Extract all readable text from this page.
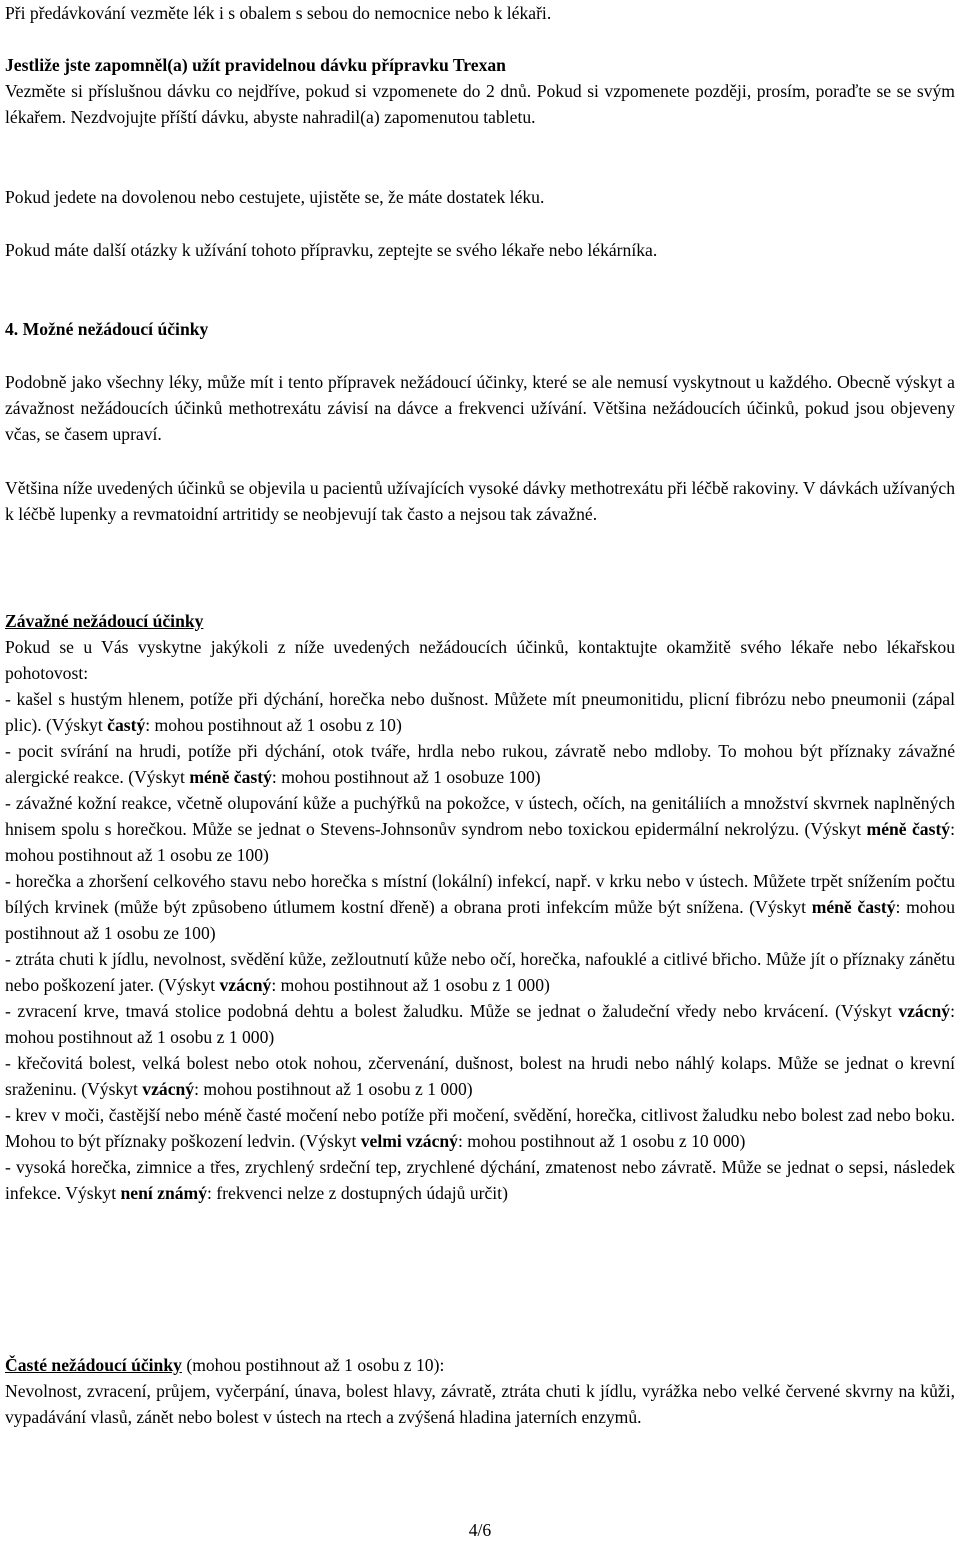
Při předávkování vezměte lék i s obalem s sebou do nemocnice nebo k lékaři.

Jestliže jste zapomněl(a) užít pravidelnou dávku přípravku Trexan

Vezměte si příslušnou dávku co nejdříve, pokud si vzpomenete do 2 dnů. Pokud si vzpomenete později, prosím, poraďte se se svým lékařem. Nezdvojujte příští dávku, abyste nahradil(a) zapomenutou tabletu.

Pokud jedete na dovolenou nebo cestujete, ujistěte se, že máte dostatek léku.

Pokud máte další otázky k užívání tohoto přípravku, zeptejte se svého lékaře nebo lékárníka.

4. Možné nežádoucí účinky

Podobně jako všechny léky, může mít i tento přípravek nežádoucí účinky, které se ale nemusí vyskytnout u každého. Obecně výskyt a závažnost nežádoucích účinků methotrexátu závisí na dávce a frekvenci užívání. Většina nežádoucích účinků, pokud jsou objeveny včas, se časem upraví.

Většina níže uvedených účinků se objevila u pacientů užívajících vysoké dávky methotrexátu při léčbě rakoviny. V dávkách užívaných k léčbě lupenky a revmatoidní artritidy se neobjevují tak často a nejsou tak závažné.

Závažné nežádoucí účinky

Pokud se u Vás vyskytne jakýkoli z níže uvedených nežádoucích účinků, kontaktujte okamžitě svého lékaře nebo lékařskou pohotovost:

- kašel s hustým hlenem, potíže při dýchání, horečka nebo dušnost. Můžete mít pneumonitidu, plicní fibrózu nebo pneumonii (zápal plic). (Výskyt častý: mohou postihnout až 1 osobu z 10)

- pocit svírání na hrudi, potíže při dýchání, otok tváře, hrdla nebo rukou, závratě nebo mdloby. To mohou být příznaky závažné alergické reakce. (Výskyt méně častý: mohou postihnout až 1 osobuze 100)

- závažné kožní reakce, včetně olupování kůže a puchýřků na pokožce, v ústech, očích, na genitáliích a množství skvrnek naplněných hnisem spolu s horečkou. Může se jednat o Stevens-Johnsonův syndrom nebo toxickou epidermální nekrolýzu. (Výskyt méně častý: mohou postihnout až 1 osobu ze 100)

- horečka a zhoršení celkového stavu nebo horečka s místní (lokální) infekcí, např. v krku nebo v ústech. Můžete trpět snížením počtu bílých krvinek (může být způsobeno útlumem kostní dřeně) a obrana proti infekcím může být snížena. (Výskyt méně častý: mohou postihnout až 1 osobu ze 100)

- ztráta chuti k jídlu, nevolnost, svědění kůže, zežloutnutí kůže nebo očí, horečka, nafouklé a citlivé břicho. Může jít o příznaky zánětu nebo poškození jater. (Výskyt vzácný: mohou postihnout až 1 osobu z 1 000)

- zvracení krve, tmavá stolice podobná dehtu a bolest žaludku. Může se jednat o žaludeční vředy nebo krvácení. (Výskyt vzácný: mohou postihnout až 1 osobu z 1 000)

- křečovitá bolest, velká bolest nebo otok nohou, zčervenání, dušnost, bolest na hrudi nebo náhlý kolaps. Může se jednat o krevní sraženinu. (Výskyt vzácný: mohou postihnout až 1 osobu z 1 000)

- krev v moči, častější nebo méně časté močení nebo potíže při močení, svědění, horečka, citlivost žaludku nebo bolest zad nebo boku. Mohou to být příznaky poškození ledvin. (Výskyt velmi vzácný: mohou postihnout až 1 osobu z 10 000)

- vysoká horečka, zimnice a třes, zrychlený srdeční tep, zrychlené dýchání, zmatenost nebo závratě. Může se jednat o sepsi, následek infekce. Výskyt není známý: frekvenci nelze z dostupných údajů určit)

Časté nežádoucí účinky (mohou postihnout až 1 osobu z 10):

Nevolnost, zvracení, průjem, vyčerpání, únava, bolest hlavy, závratě, ztráta chuti k jídlu, vyrážka nebo velké červené skvrny na kůži, vypadávání vlasů, zánět nebo bolest v ústech na rtech a zvýšená hladina jaterních enzymů.

4/6
